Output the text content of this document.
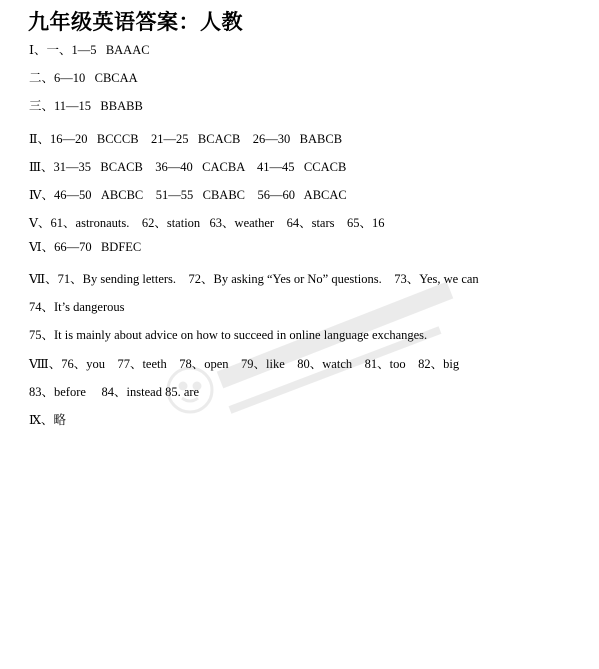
九年级英语答案：人教
Ⅰ、一、1—5   BAAAC
二、6—10   CBCAA
三、11—15   BBABB
Ⅱ、16—20   BCCCB    21—25   BCACB    26—30   BABCB
Ⅲ、31—35   BCACB    36—40   CACBA    41—45   CCACB
Ⅳ、46—50   ABCBC    51—55   CBABC    56—60   ABCAC
Ⅴ、61、astronauts.    62、station   63、weather    64、stars    65、16
Ⅵ、66—70   BDFEC
Ⅶ、71、By sending letters.    72、By asking “Yes or No” questions.    73、Yes, we can
74、It’s dangerous
75、It is mainly about advice on how to succeed in online language exchanges.
Ⅷ、76、you    77、teeth    78、open    79、like    80、watch    81、too    82、big
83、before     84、instead 85. are
Ⅸ、略
